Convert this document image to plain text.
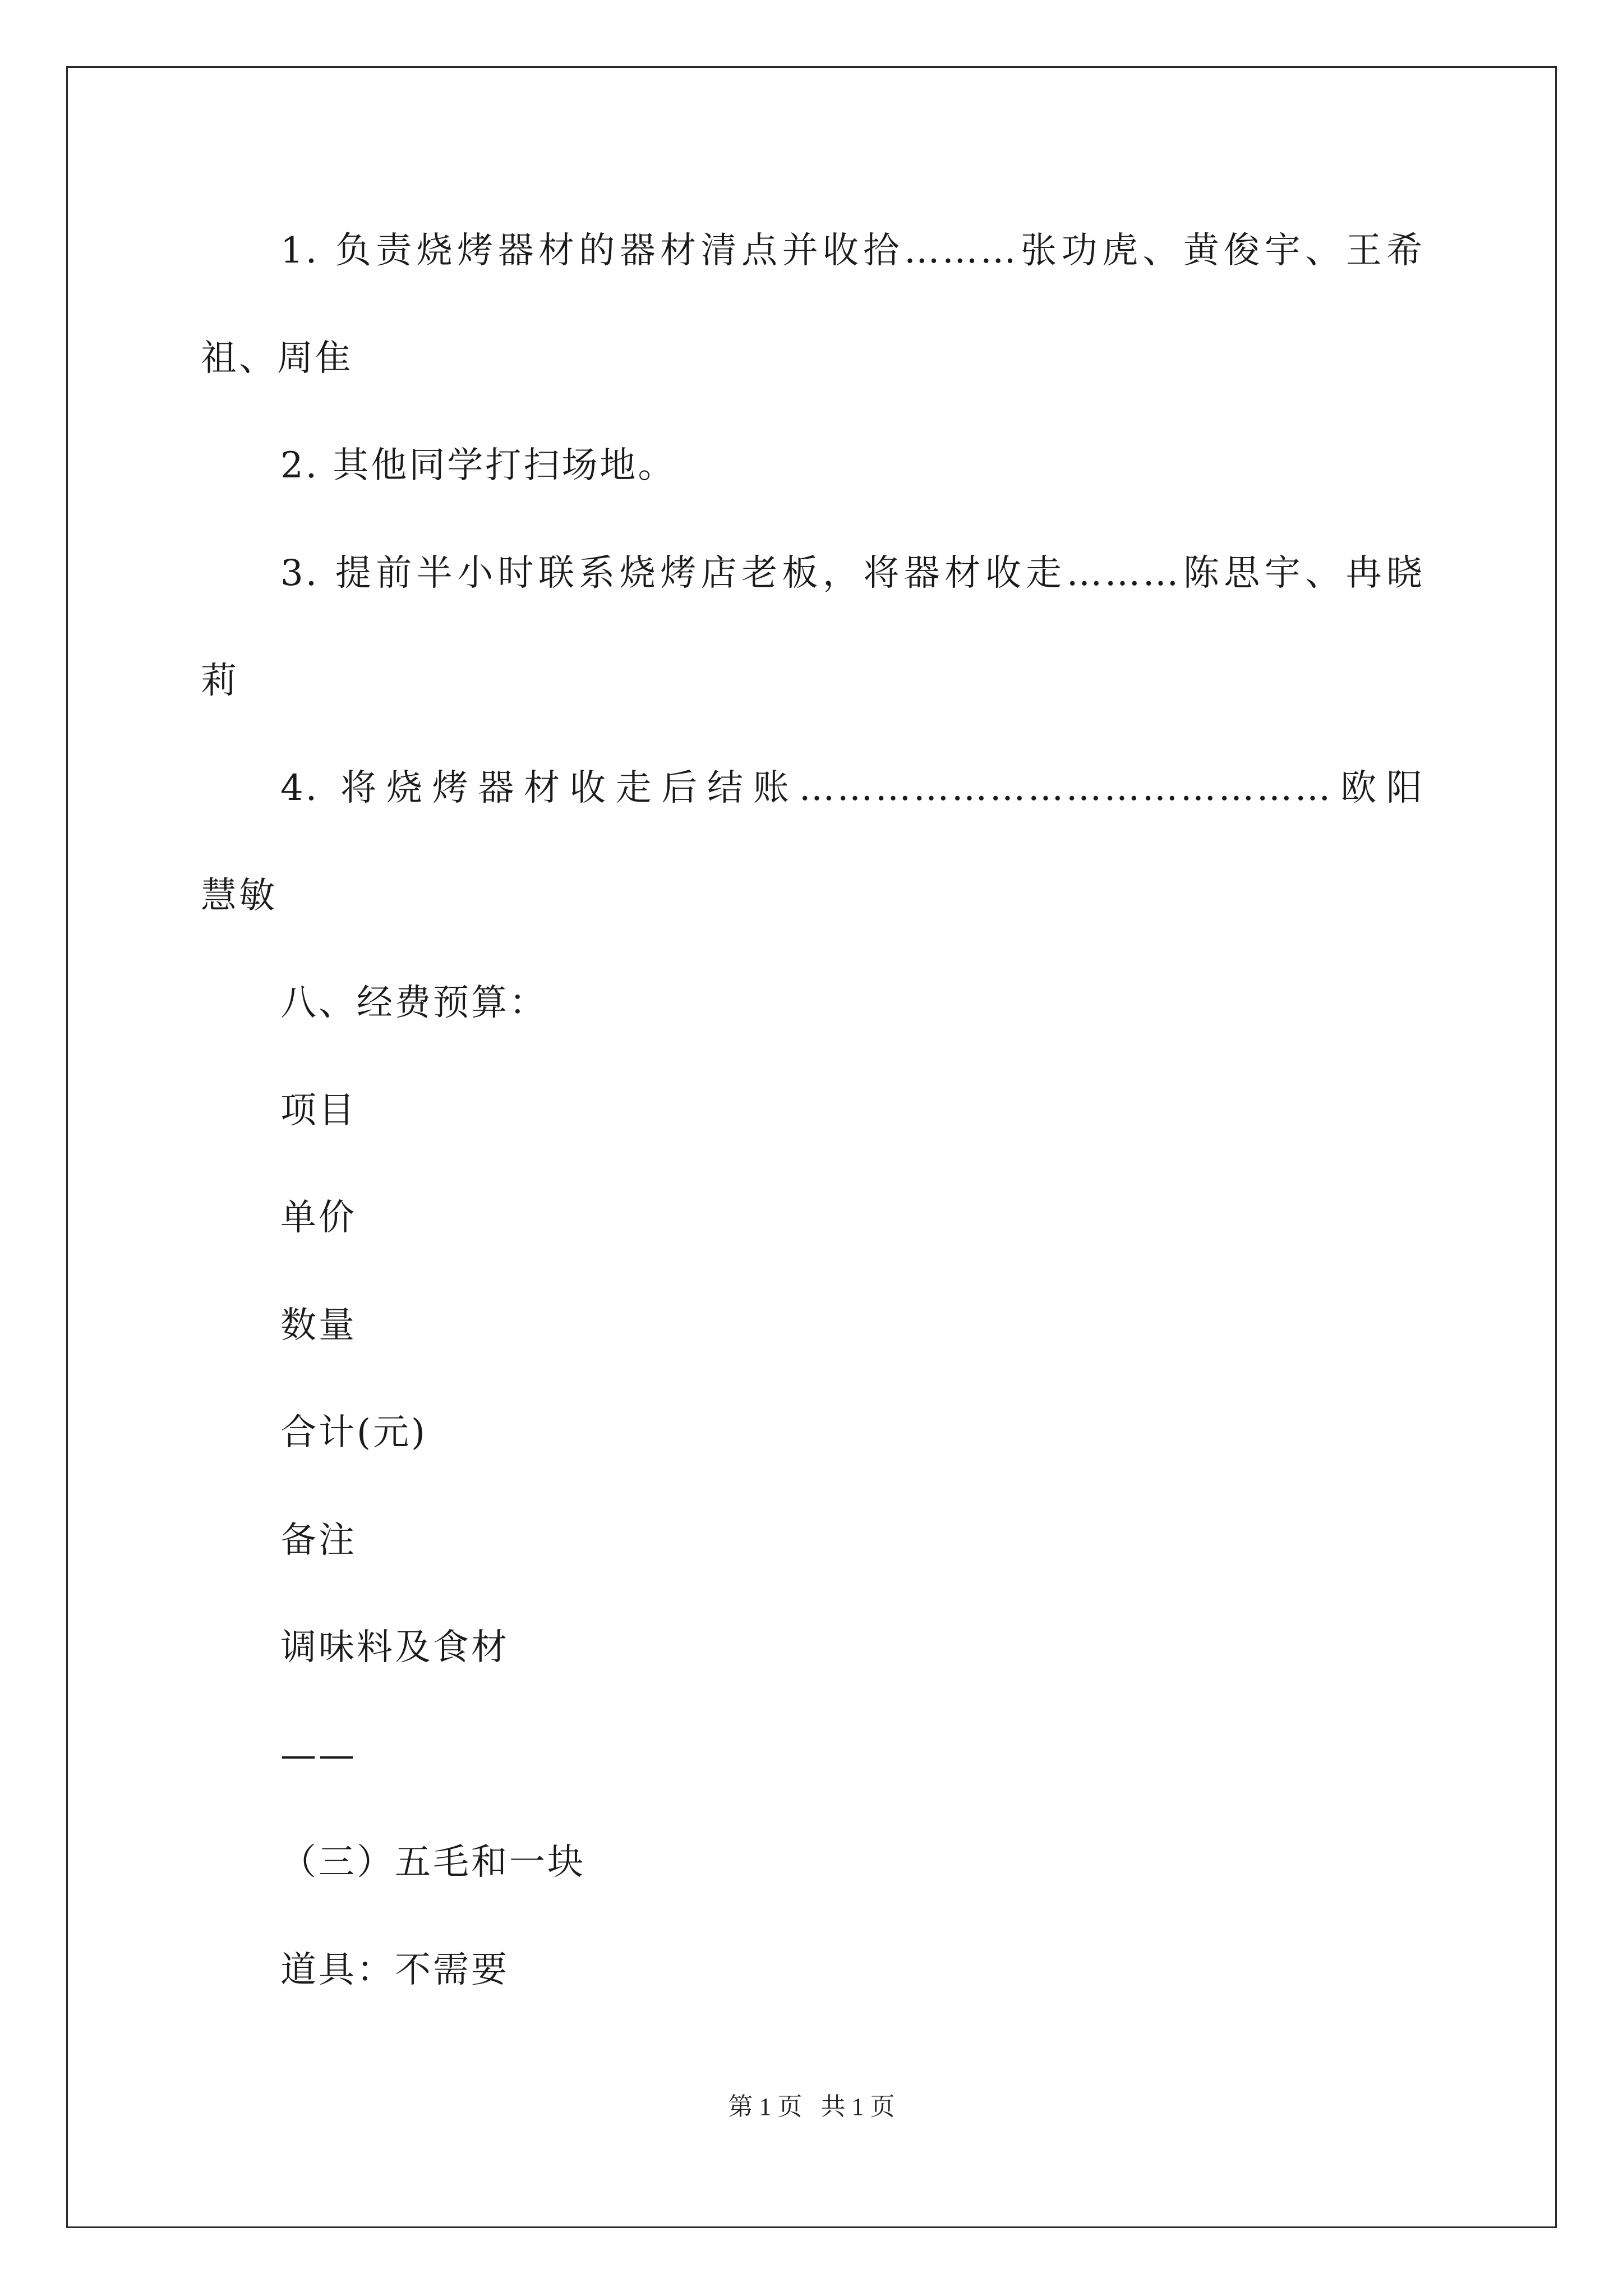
1. 负责烧烤器材的器材清点并收拾………张功虎、黄俊宇、王希
祖、周隹
2. 其他同学打扫场地。
3. 提前半小时联系烧烤店老板，将器材收走………陈思宇、冉晓
莉
4. 将烧烤器材收走后结账……………………………………欧阳
慧敏
八、经费预算：
项目
单价
数量
合计(元)
备注
调味料及食材
——
（三）五毛和一块
道具：不需要
第 1 页   共 1 页
